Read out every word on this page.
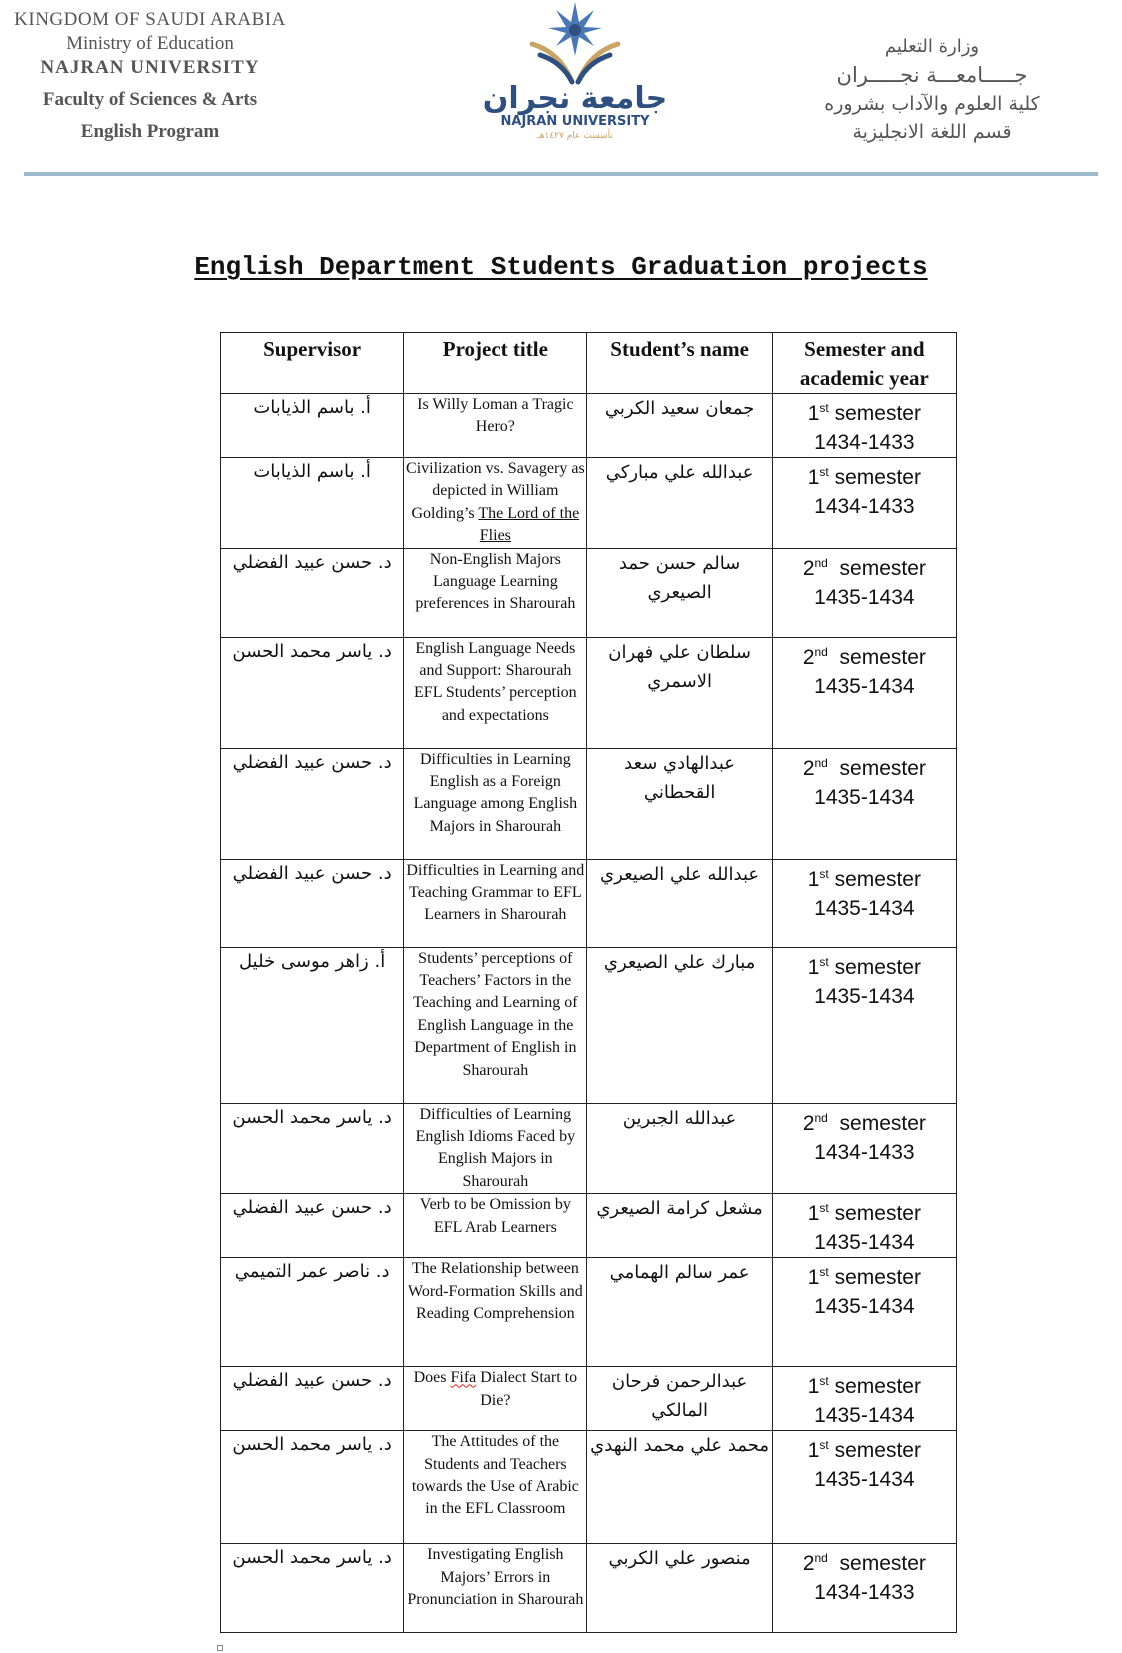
KINGDOM OF SAUDI ARABIA
Ministry of Education
NAJRAN UNIVERSITY
Faculty of Sciences & Arts
English Program
جامعة نجران
NAJRAN UNIVERSITY
تأسست عام ١٤٢٧هـ
وزارة التعليم
جـــــامعـــة نجـــــران
كلية العلوم والآداب بشروره
قسم اللغة الانجليزية
English Department Students Graduation projects
Supervisor	Project title	Student’s name	Semester and
academic year

أ. باسم الذيابات	Is Willy Loman a Tragic Hero?	جمعان سعيد الكربي	1st semester
1434-1433

أ. باسم الذيابات	Civilization vs. Savagery as depicted in William Golding’s The Lord of the Flies	عبدالله علي مباركي	1st semester
1434-1433

د. حسن عبيد الفضلي	Non-English Majors Language Learning preferences in Sharourah	سالم حسن حمد الصيعري	2nd  semester
1435-1434

د. ياسر محمد الحسن	English Language Needs and Support: Sharourah EFL Students’ perception and expectations	سلطان علي فهران الاسمري	2nd  semester
1435-1434

د. حسن عبيد الفضلي	Difficulties in Learning English as a Foreign Language among English Majors in Sharourah	عبدالهادي سعد القحطاني	2nd  semester
1435-1434

د. حسن عبيد الفضلي	Difficulties in Learning and Teaching Grammar to EFL Learners in Sharourah	عبدالله علي الصيعري	1st semester
1435-1434

أ. زاهر موسى خليل	Students’ perceptions of Teachers’ Factors in the Teaching and Learning of English Language in the Department of English in Sharourah	مبارك علي الصيعري	1st semester
1435-1434

د. ياسر محمد الحسن	Difficulties of Learning English Idioms Faced by English Majors in Sharourah	عبدالله الجبرين	2nd  semester
1434-1433

د. حسن عبيد الفضلي	Verb to be Omission by EFL Arab Learners	مشعل كرامة الصيعري	1st semester
1435-1434

د. ناصر عمر التميمي	The Relationship between Word-Formation Skills and Reading Comprehension	عمر سالم الهمامي	1st semester
1435-1434

د. حسن عبيد الفضلي	Does Fifa Dialect Start to Die?	عبدالرحمن فرحان المالكي	1st semester
1435-1434

د. ياسر محمد الحسن	The Attitudes of the Students and Teachers towards the Use of Arabic in the EFL Classroom	محمد علي محمد النهدي	1st semester
1435-1434

د. ياسر محمد الحسن	Investigating English Majors’ Errors in Pronunciation in Sharourah	منصور علي الكربي	2nd  semester
1434-1433
